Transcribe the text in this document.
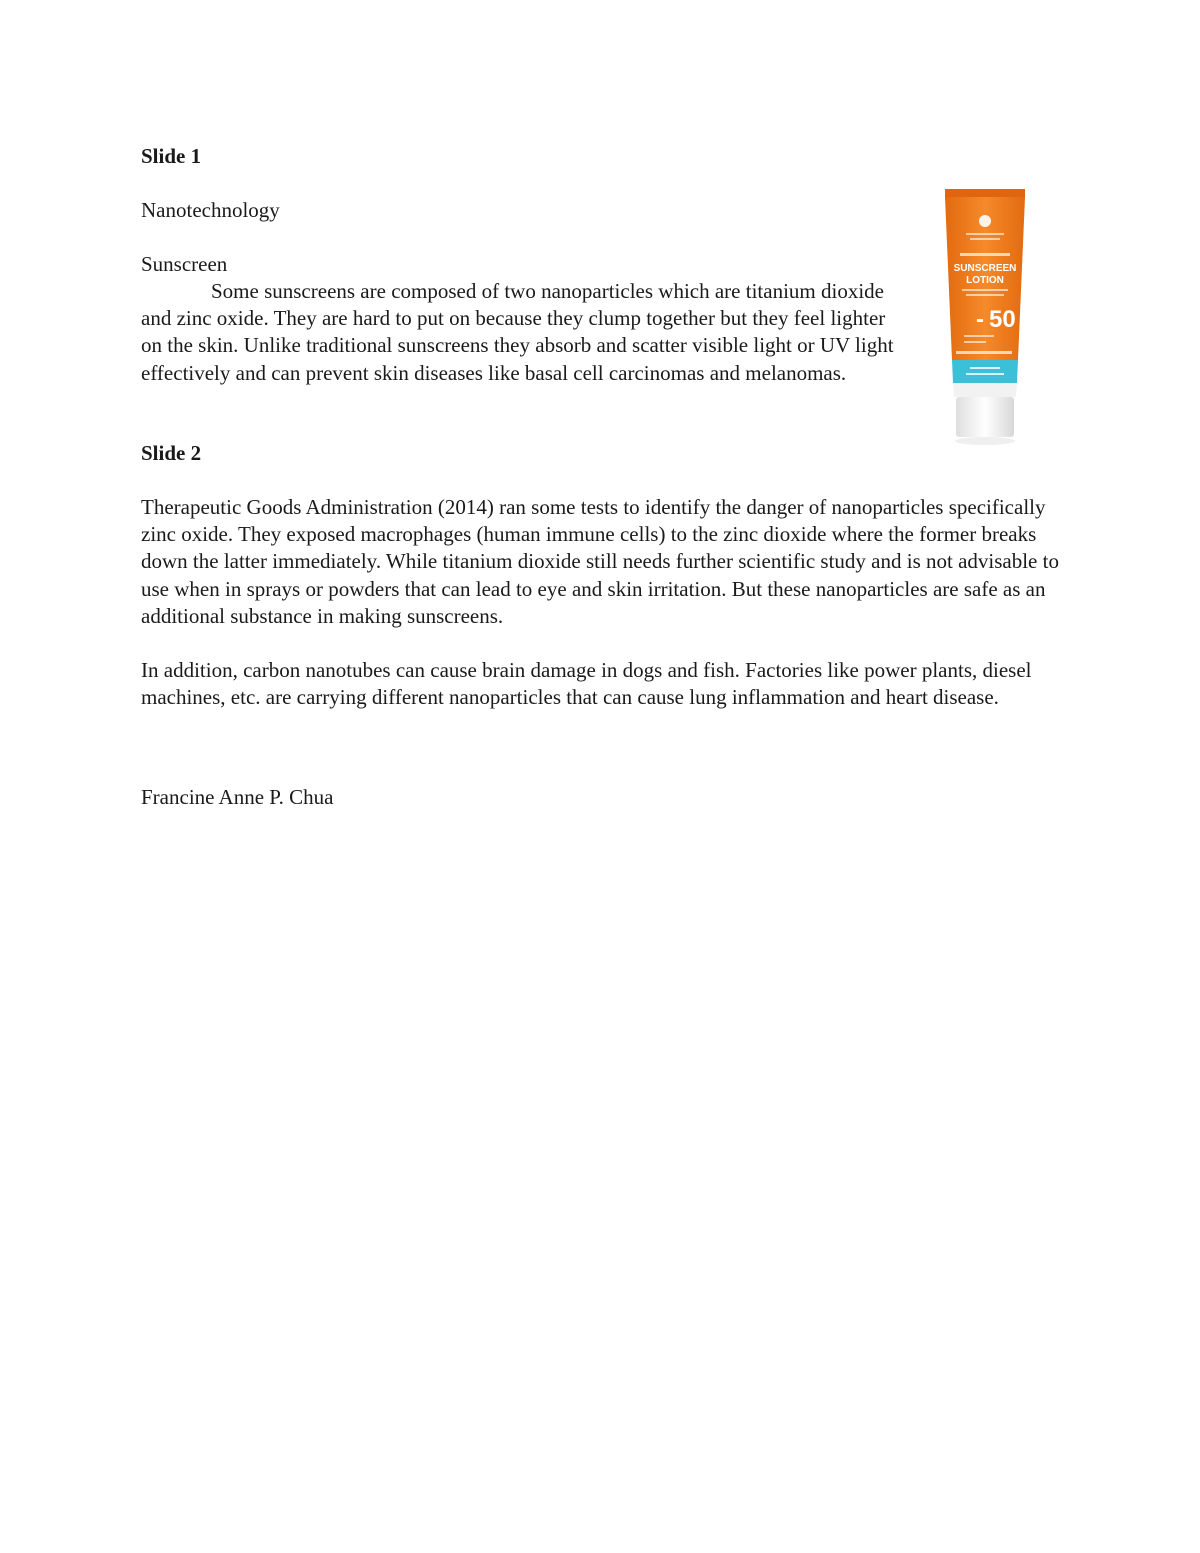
Slide 1
Nanotechnology
Sunscreen
Some sunscreens are composed of two nanoparticles which are titanium dioxide and zinc oxide. They are hard to put on because they clump together but they feel lighter on the skin. Unlike traditional sunscreens they absorb and scatter visible light or UV light effectively and can prevent skin diseases like basal cell carcinomas and melanomas.
SUNSCREEN
LOTION
- 50
Slide 2
Therapeutic Goods Administration (2014) ran some tests to identify the danger of nanoparticles specifically zinc oxide. They exposed macrophages (human immune cells) to the zinc dioxide where the former breaks down the latter immediately. While titanium dioxide still needs further scientific study and is not advisable to use when in sprays or powders that can lead to eye and skin irritation. But these nanoparticles are safe as an additional substance in making sunscreens.
In addition, carbon nanotubes can cause brain damage in dogs and fish. Factories like power plants, diesel machines, etc. are carrying different nanoparticles that can cause lung inflammation and heart disease.
Francine Anne P. Chua
